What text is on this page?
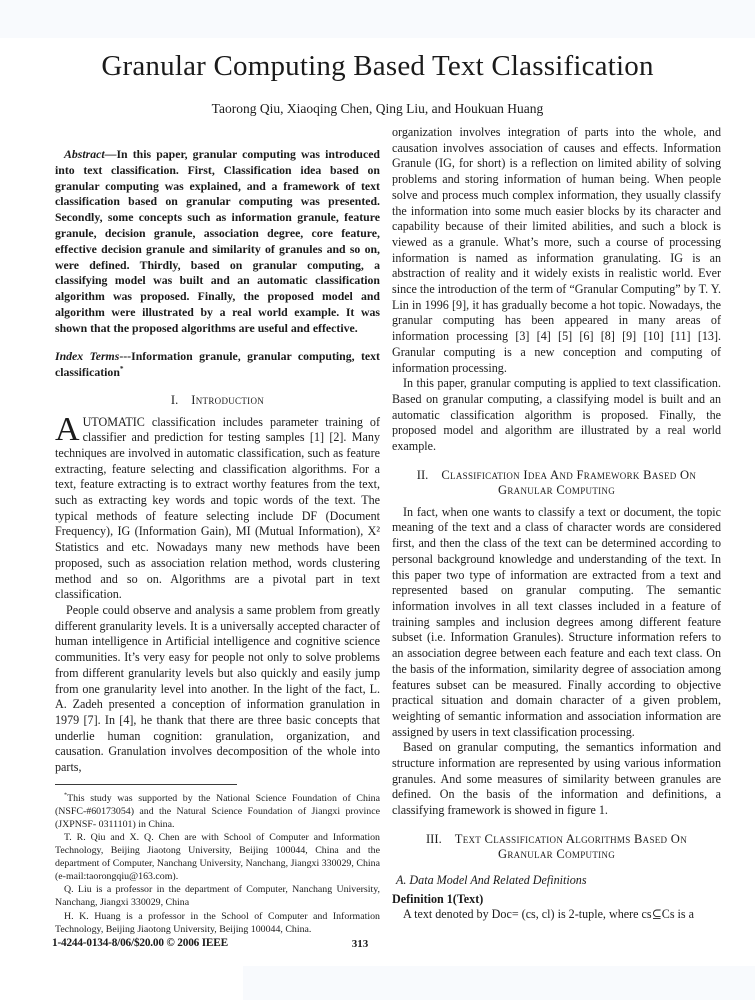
Granular Computing Based Text Classification
Taorong Qiu, Xiaoqing Chen, Qing Liu, and Houkuan Huang

Abstract—In this paper, granular computing was introduced into text classification. First, Classification idea based on granular computing was explained, and a framework of text classification based on granular computing was presented. Secondly, some concepts such as information granule, feature granule, decision granule, association degree, core feature, effective decision granule and similarity of granules and so on, were defined. Thirdly, based on granular computing, a classifying model was built and an automatic classification algorithm was proposed. Finally, the proposed model and algorithm were illustrated by a real world example. It was shown that the proposed algorithms are useful and effective.

Index Terms---Information granule, granular computing, text classification*

I. Introduction

AUTOMATIC classification includes parameter training of classifier and prediction for testing samples [1] [2]. Many techniques are involved in automatic classification, such as feature extracting, feature selecting and classification algorithms. For a text, feature extracting is to extract worthy features from the text, such as extracting key words and topic words of the text. The typical methods of feature selecting include DF (Document Frequency), IG (Information Gain), MI (Mutual Information), X² Statistics and etc. Nowadays many new methods have been proposed, such as association relation method, words clustering method and so on. Algorithms are a pivotal part in text classification.

People could observe and analysis a same problem from greatly different granularity levels. It is a universally accepted character of human intelligence in Artificial intelligence and cognitive science communities. It’s very easy for people not only to solve problems from different granularity levels but also quickly and easily jump from one granularity level into another. In the light of the fact, L. A. Zadeh presented a conception of information granulation in 1979 [7]. In [4], he thank that there are three basic concepts that underlie human cognition: granulation, organization, and causation. Granulation involves decomposition of the whole into parts,

*This study was supported by the National Science Foundation of China (NSFC-#60173054) and the Natural Science Foundation of Jiangxi province (JXPNSF- 0311101) in China.

T. R. Qiu and X. Q. Chen are with School of Computer and Information Technology, Beijing Jiaotong University, Beijing 100044, China and the department of Computer, Nanchang University, Nanchang, Jiangxi 330029, China (e-mail:taorongqiu@163.com).

Q. Liu is a professor in the department of Computer, Nanchang University, Nanchang, Jiangxi 330029, China

H. K. Huang is a professor in the School of Computer and Information Technology, Beijing Jiaotong University, Beijing 100044, China.

organization involves integration of parts into the whole, and causation involves association of causes and effects. Information Granule (IG, for short) is a reflection on limited ability of solving problems and storing information of human being. When people solve and process much complex information, they usually classify the information into some much easier blocks by its character and capability because of their limited abilities, and such a block is viewed as a granule. What’s more, such a course of processing information is named as information granulating. IG is an abstraction of reality and it widely exists in realistic world. Ever since the introduction of the term of “Granular Computing” by T. Y. Lin in 1996 [9], it has gradually become a hot topic. Nowadays, the granular computing has been appeared in many areas of information processing [3] [4] [5] [6] [8] [9] [10] [11] [13]. Granular computing is a new conception and computing of information processing.

In this paper, granular computing is applied to text classification. Based on granular computing, a classifying model is built and an automatic classification algorithm is proposed. Finally, the proposed model and algorithm are illustrated by a real world example.

II. Classification Idea And Framework Based On Granular Computing

In fact, when one wants to classify a text or document, the topic meaning of the text and a class of character words are considered first, and then the class of the text can be determined according to personal background knowledge and understanding of the text. In this paper two type of information are extracted from a text and represented based on granular computing. The semantic information involves in all text classes included in a feature of training samples and inclusion degrees among different feature subset (i.e. Information Granules). Structure information refers to an association degree between each feature and each text class. On the basis of the information, similarity degree of association among features subset can be measured. Finally according to objective practical situation and domain character of a given problem, weighting of semantic information and association information are assigned by users in text classification processing.

Based on granular computing, the semantics information and structure information are represented by using various information granules. And some measures of similarity between granules are defined. On the basis of the information and definitions, a classifying framework is showed in figure 1.

III. Text Classification Algorithms Based On Granular Computing

A. Data Model And Related Definitions

Definition 1(Text)

A text denoted by Doc= (cs, cl) is 2-tuple, where cs⊆Cs is a

1-4244-0134-8/06/$20.00 © 2006 IEEE	313
